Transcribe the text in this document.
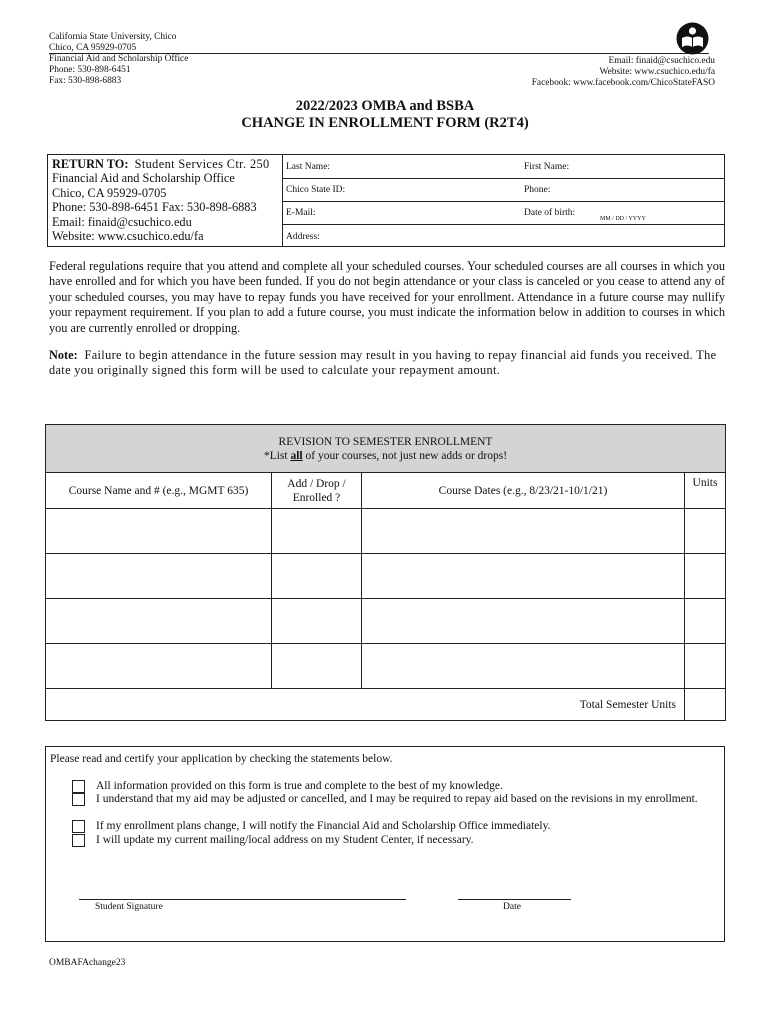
California State University, Chico
Chico, CA 95929-0705
Financial Aid and Scholarship Office
Phone: 530-898-6451
Fax: 530-898-6883
Email: finaid@csuchico.edu
Website: www.csuchico.edu/fa
Facebook: www.facebook.com/ChicoStateFASO
2022/2023 OMBA and BSBA
CHANGE IN ENROLLMENT FORM (R2T4)
RETURN TO: Student Services Ctr. 250
Financial Aid and Scholarship Office
Chico, CA 95929-0705
Phone: 530-898-6451 Fax: 530-898-6883
Email: finaid@csuchico.edu
Website: www.csuchico.edu/fa
Last Name:	First Name:
Chico State ID:	Phone:
E-Mail:	Date of birth:
MM / DD / YYYY
Address:
Federal regulations require that you attend and complete all your scheduled courses. Your scheduled courses are all courses in which you have enrolled and for which you have been funded. If you do not begin attendance or your class is canceled or you cease to attend any of your scheduled courses, you may have to repay funds you have received for your enrollment. Attendance in a future course may nullify your repayment requirement. If you plan to add a future course, you must indicate the information below in addition to courses in which you are currently enrolled or dropping.
Note: Failure to begin attendance in the future session may result in you having to repay financial aid funds you received. The date you originally signed this form will be used to calculate your repayment amount.
REVISION TO SEMESTER ENROLLMENT
*List all of your courses, not just new adds or drops!			

Course Name and # (e.g., MGMT 635)	Add / Drop / Enrolled ?	Course Dates (e.g., 8/23/21-10/1/21)	Units

Total Semester Units			
Please read and certify your application by checking the statements below.
All information provided on this form is true and complete to the best of my knowledge.
I understand that my aid may be adjusted or cancelled, and I may be required to repay aid based on the revisions in my enrollment.
If my enrollment plans change, I will notify the Financial Aid and Scholarship Office immediately.
I will update my current mailing/local address on my Student Center, if necessary.
Student Signature	Date
OMBAFAchange23
